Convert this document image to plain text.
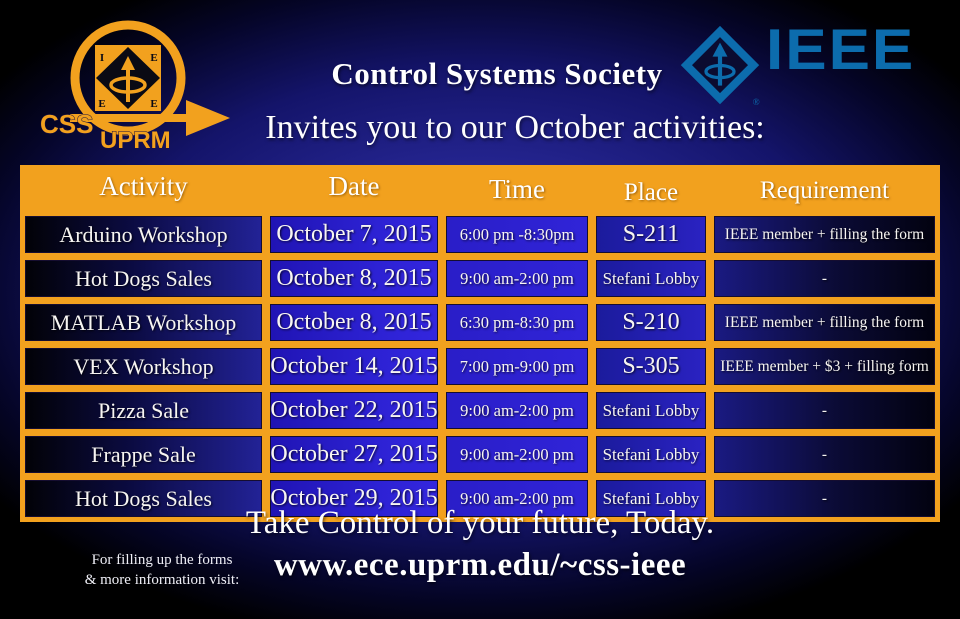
I	E
E	E
CSS
UPRM
Control Systems Society
Invites you to our October activities:
®
IEEE
Activity	Date	Time	Place	Requirement
Arduino Workshop	October 7, 2015	6:00 pm -8:30pm	S-211	IEEE member + filling the form
Hot Dogs Sales	October 8, 2015	9:00 am-2:00 pm	Stefani Lobby	-
MATLAB Workshop	October 8, 2015	6:30 pm-8:30 pm	S-210	IEEE member + filling the form
VEX Workshop	October 14, 2015	7:00 pm-9:00 pm	S-305	IEEE member + $3 + filling form
Pizza Sale	October 22, 2015	9:00 am-2:00 pm	Stefani Lobby	-
Frappe Sale	October 27, 2015	9:00 am-2:00 pm	Stefani Lobby	-
Hot Dogs Sales	October 29, 2015	9:00 am-2:00 pm	Stefani Lobby	-
Take Control of your future, Today.
For filling up the forms
& more information visit:	www.ece.uprm.edu/~css-ieee
